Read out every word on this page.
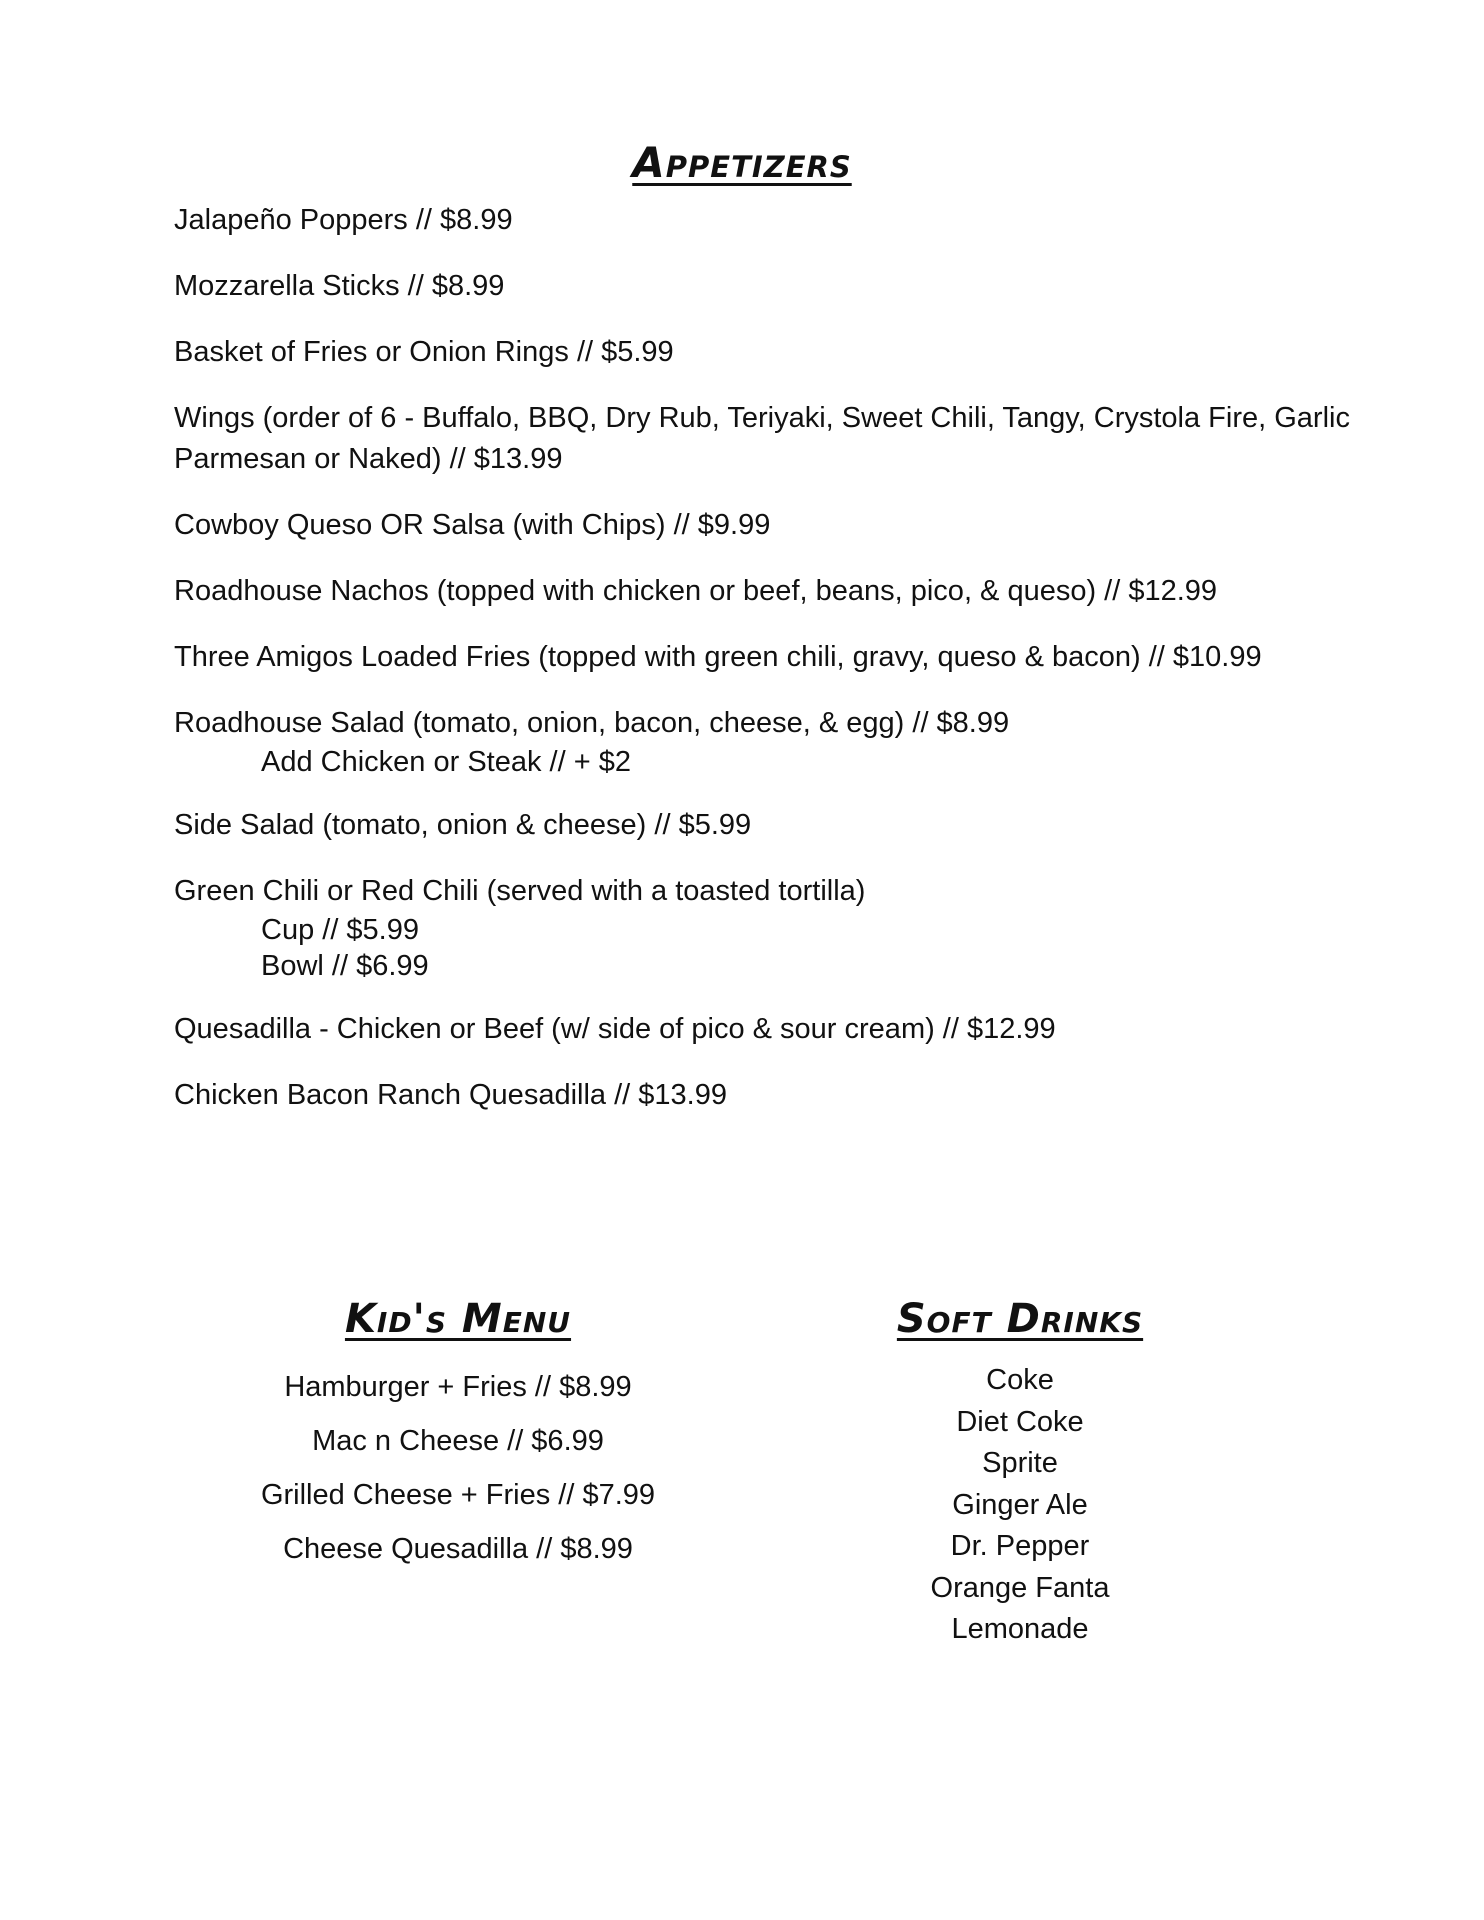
Appetizers
Jalapeño Poppers // $8.99
Mozzarella Sticks // $8.99
Basket of Fries or Onion Rings // $5.99
Wings (order of 6 - Buffalo, BBQ, Dry Rub, Teriyaki, Sweet Chili, Tangy, Crystola Fire, Garlic Parmesan or Naked) // $13.99
Cowboy Queso OR Salsa (with Chips) // $9.99
Roadhouse Nachos (topped with chicken or beef, beans, pico, & queso) // $12.99
Three Amigos Loaded Fries (topped with green chili, gravy, queso & bacon) // $10.99
Roadhouse Salad (tomato, onion, bacon, cheese, & egg) // $8.99
Add Chicken or Steak // + $2
Side Salad (tomato, onion & cheese) // $5.99
Green Chili or Red Chili (served with a toasted tortilla)
Cup // $5.99
Bowl // $6.99
Quesadilla - Chicken or Beef (w/ side of pico & sour cream) // $12.99
Chicken Bacon Ranch Quesadilla // $13.99
Kid's Menu
Hamburger + Fries // $8.99
Mac n Cheese // $6.99
Grilled Cheese + Fries // $7.99
Cheese Quesadilla // $8.99
Soft Drinks
Coke
Diet Coke
Sprite
Ginger Ale
Dr. Pepper
Orange Fanta
Lemonade
